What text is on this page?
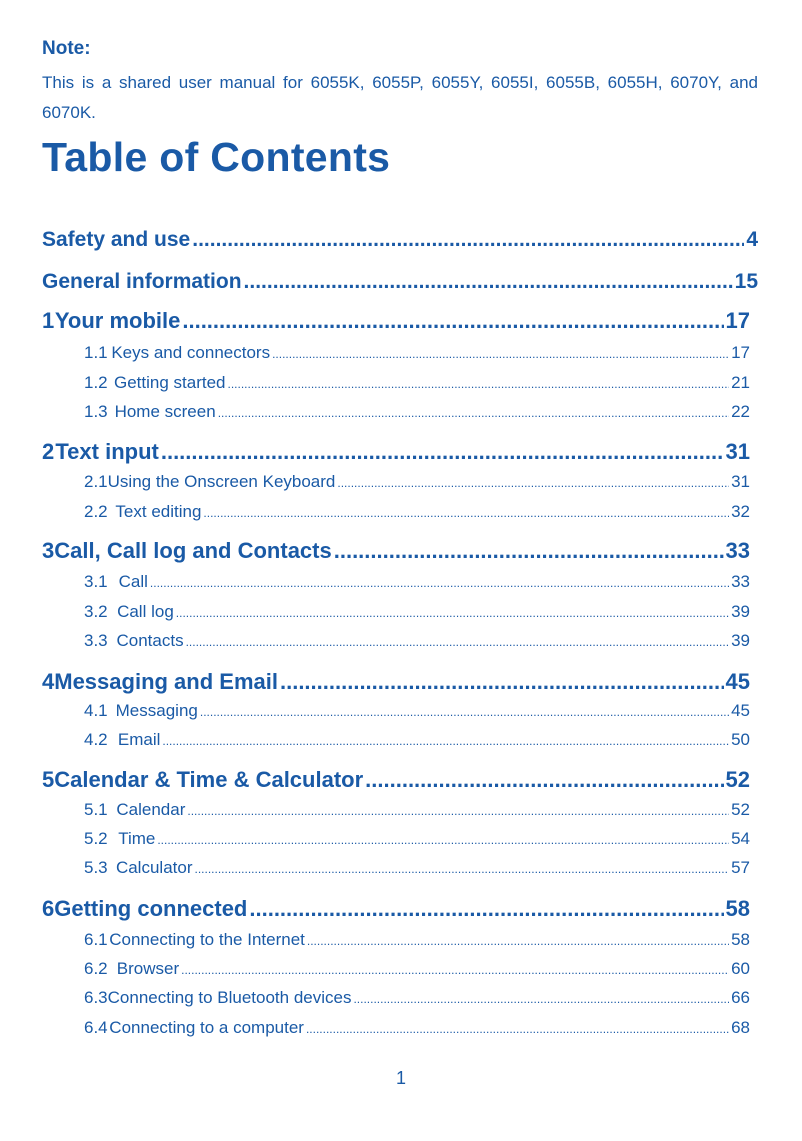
Note:
This is a shared user manual for 6055K, 6055P, 6055Y, 6055I, 6055B, 6055H, 6070Y, and 6070K.
Table of Contents
Safety and use .....	4
General information .....	15
1 Your mobile .....	17
1.1 Keys and connectors .....	17
1.2 Getting started .....	21
1.3 Home screen .....	22
2 Text input .....	31
2.1 Using the Onscreen Keyboard .....	31
2.2 Text editing .....	32
3 Call, Call log and Contacts .....	33
3.1 Call .....	33
3.2 Call log .....	39
3.3 Contacts .....	39
4 Messaging and Email .....	45
4.1 Messaging .....	45
4.2 Email .....	50
5 Calendar & Time & Calculator .....	52
5.1 Calendar .....	52
5.2 Time .....	54
5.3 Calculator .....	57
6 Getting connected .....	58
6.1 Connecting to the Internet .....	58
6.2 Browser .....	60
6.3 Connecting to Bluetooth devices .....	66
6.4 Connecting to a computer .....	68
1
